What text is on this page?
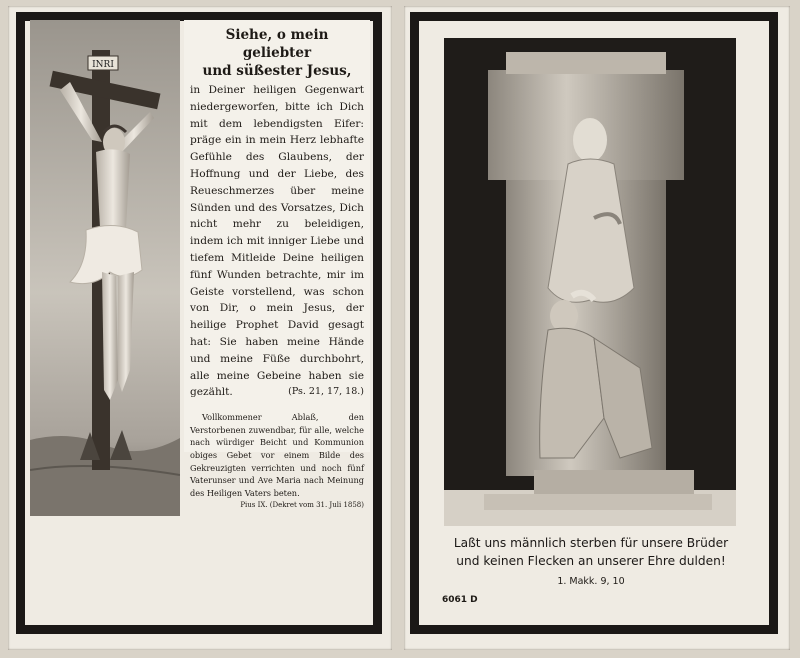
INRI
Siehe, o mein geliebter
und süßester Jesus,

in Deiner heiligen Gegenwart niedergeworfen, bitte ich Dich mit dem lebendigsten Eifer: präge ein in mein Herz lebhafte Gefühle des Glaubens, der Hoffnung und der Liebe, des Reueschmerzes über meine Sünden und des Vorsatzes, Dich nicht mehr zu beleidigen, indem ich mit inniger Liebe und tiefem Mitleide Deine heiligen fünf Wunden betrachte, mir im Geiste vorstellend, was schon von Dir, o mein Jesus, der heilige Prophet David gesagt hat: Sie haben meine Hände und meine Füße durchbohrt, alle meine Gebeine haben sie gezählt.	(Ps. 21, 17, 18.)

Vollkommener Ablaß, den Verstorbenen zuwendbar, für alle, welche nach würdiger Beicht und Kommunion obiges Gebet vor einem Bilde des Gekreuzigten verrichten und noch fünf Vaterunser und Ave Maria nach Meinung des Heiligen Vaters beten.

Pius IX. (Dekret vom 31. Juli 1858)
Laßt uns männlich sterben für unsere Brüder
und keinen Flecken an unserer Ehre dulden!
1. Makk. 9, 10
6061 D
